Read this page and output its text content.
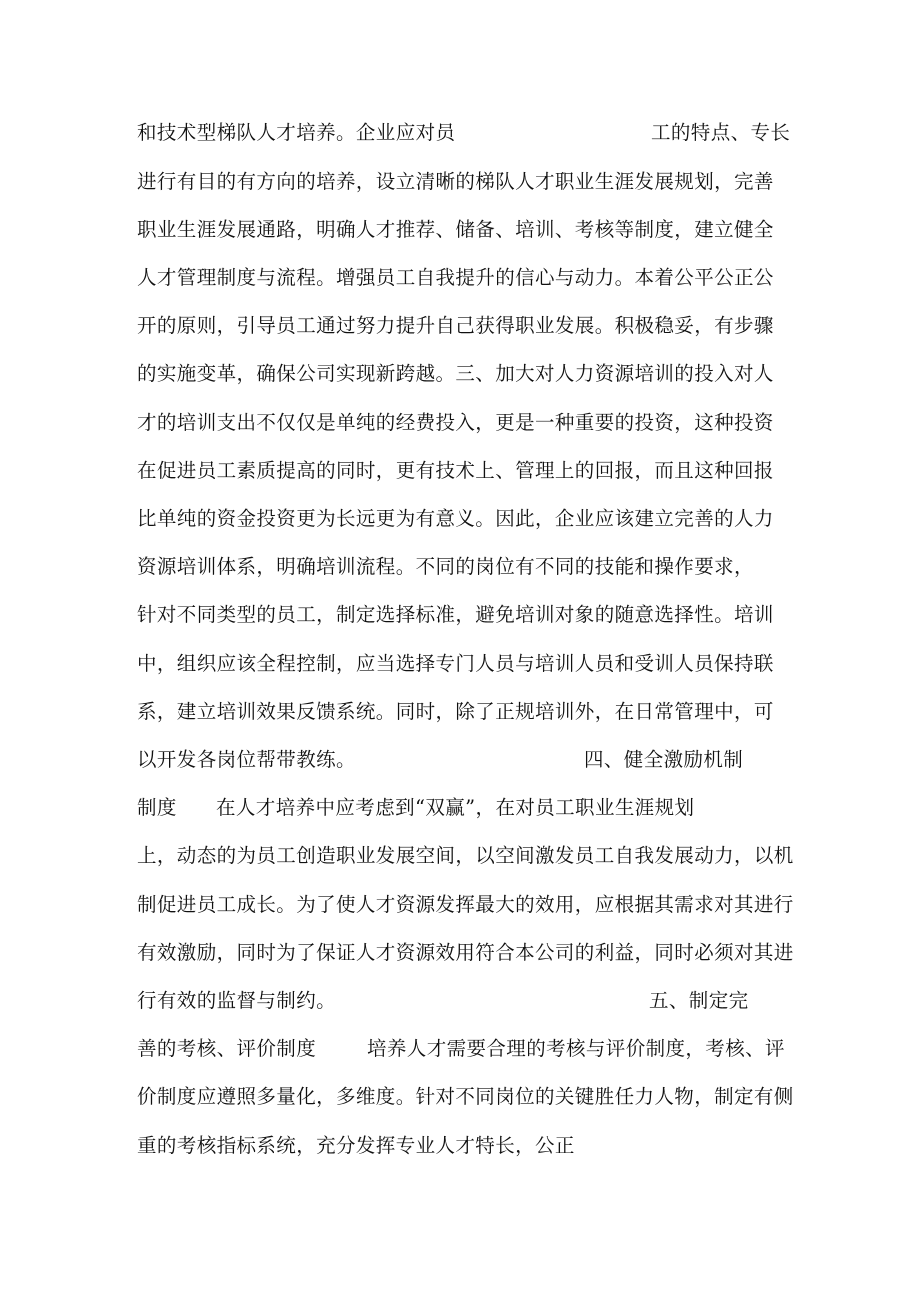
和技术型梯队人才培养。企业应对员	工的特点、专长
进行有目的有方向的培养，设立清晰的梯队人才职业生涯发展规划，完善
职业生涯发展通路，明确人才推荐、储备、培训、考核等制度，建立健全
人才管理制度与流程。增强员工自我提升的信心与动力。本着公平公正公
开的原则，引导员工通过努力提升自己获得职业发展。积极稳妥，有步骤
的实施变革，确保公司实现新跨越。三、加大对人力资源培训的投入对人
才的培训支出不仅仅是单纯的经费投入，更是一种重要的投资，这种投资
在促进员工素质提高的同时，更有技术上、管理上的回报，而且这种回报
比单纯的资金投资更为长远更为有意义。因此，企业应该建立完善的人力
资源培训体系，明确培训流程。不同的岗位有不同的技能和操作要求，
针对不同类型的员工，制定选择标准，避免培训对象的随意选择性。培训
中，组织应该全程控制，应当选择专门人员与培训人员和受训人员保持联
系，建立培训效果反馈系统。同时，除了正规培训外，在日常管理中，可
以开发各岗位帮带教练。	四、健全激励机制
制度 在人才培养中应考虑到“双赢”，在对员工职业生涯规划
上，动态的为员工创造职业发展空间，以空间激发员工自我发展动力，以机
制促进员工成长。为了使人才资源发挥最大的效用，应根据其需求对其进行
有效激励，同时为了保证人才资源效用符合本公司的利益，同时必须对其进
行有效的监督与制约。	五、制定完
善的考核、评价制度	培养人才需要合理的考核与评价制度，考核、评
价制度应遵照多量化，多维度。针对不同岗位的关键胜任力人物，制定有侧
重的考核指标系统，充分发挥专业人才特长，公正
